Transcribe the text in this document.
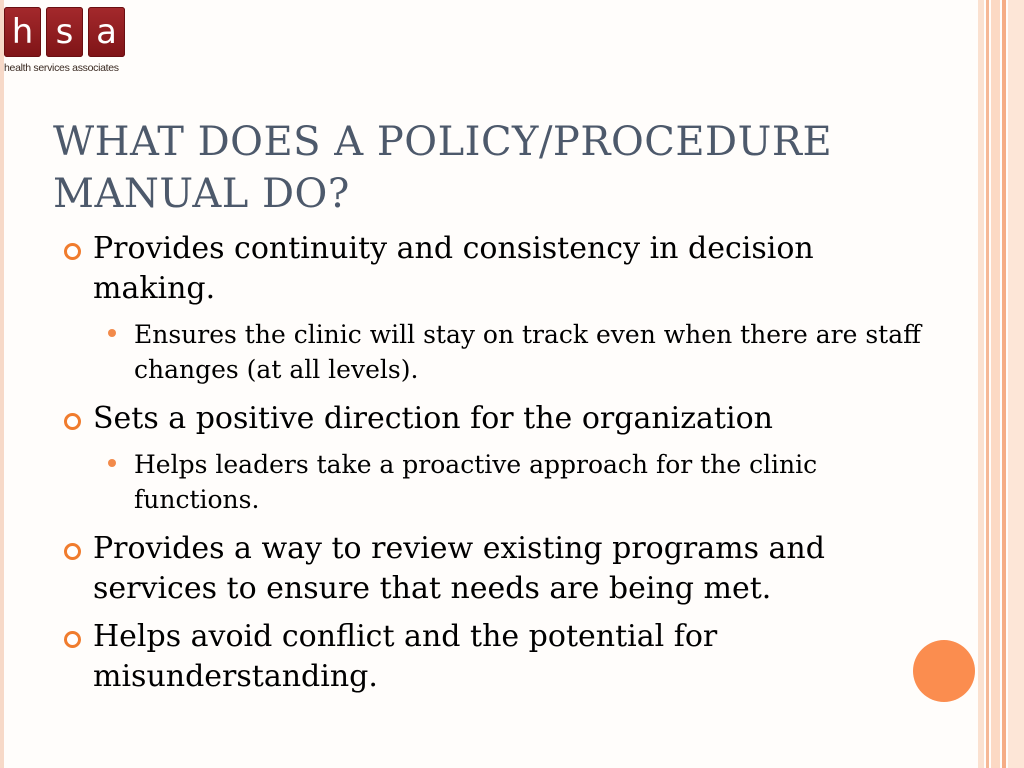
h s a
health services associates
WHAT DOES A POLICY/PROCEDURE
MANUAL DO?
Provides continuity and consistency in decision making.
Ensures the clinic will stay on track even when there are staff changes (at all levels).
Sets a positive direction for the organization
Helps leaders take a proactive approach for the clinic functions.
Provides a way to review existing programs and services to ensure that needs are being met.
Helps avoid conflict and the potential for misunderstanding.
